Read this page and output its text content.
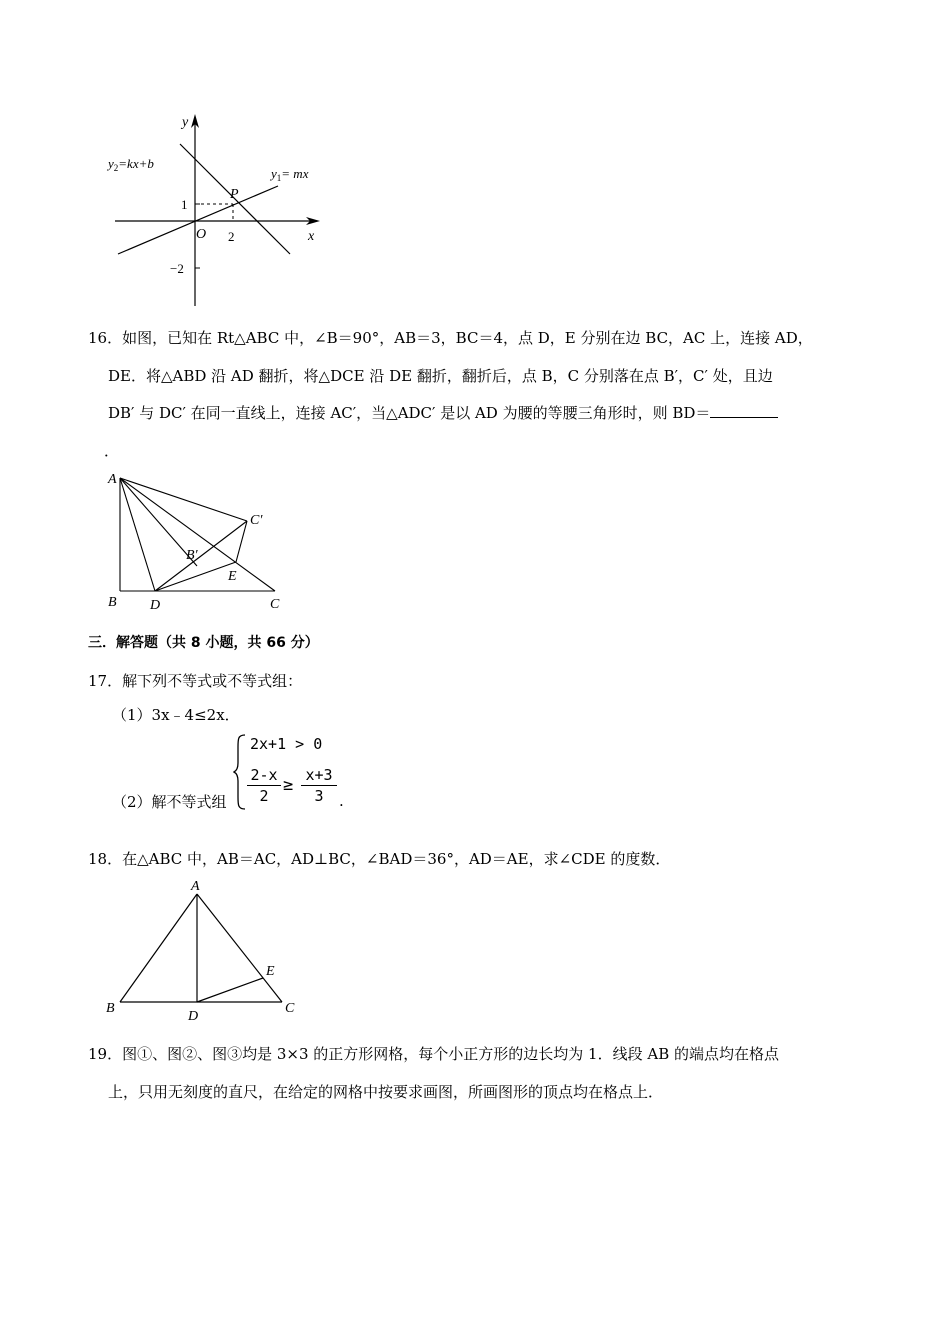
y
x
O
P
1
2
−2
$y_2=kx+b$
$y_1=$ mx
16．如图，已知在 Rt△ABC 中，∠B＝90°，AB＝3，BC＝4，点 D，E 分别在边 BC，AC 上，连接 AD，
DE．将△ABD 沿 AD 翻折，将△DCE 沿 DE 翻折，翻折后，点 B，C 分别落在点 B′，C′ 处，且边
DB′ 与 DC′ 在同一直线上，连接 AC′，当△ADC′ 是以 AD 为腰的等腰三角形时，则 BD＝
．
A
B D	C
E
B′
C′
三．解答题（共 8 小题，共 66 分）
17．解下列不等式或不等式组：
（1）3x﹣4≤2x．
（2）解不等式组
2x+1 > 0
2-x
2
≥ x+3
3	.
18．在△ABC 中，AB＝AC，AD⊥BC，∠BAD＝36°，AD＝AE，求∠CDE 的度数．
A
B
D
C
E
19．图①、图②、图③均是 3×3 的正方形网格，每个小正方形的边长均为 1．线段 AB 的端点均在格点
上，只用无刻度的直尺，在给定的网格中按要求画图，所画图形的顶点均在格点上．
